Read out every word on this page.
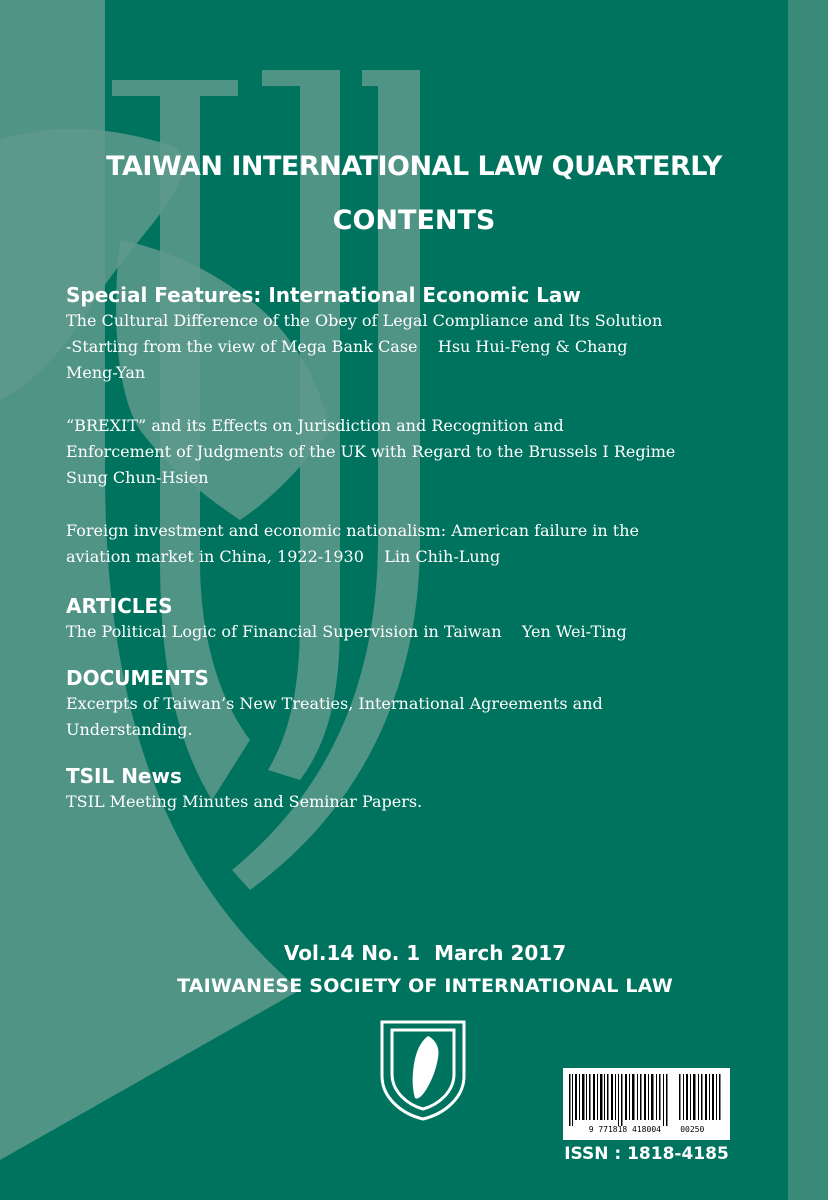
TAIWAN INTERNATIONAL LAW QUARTERLY
CONTENTS
Special Features: International Economic Law
The Cultural Difference of the Obey of Legal Compliance and Its Solution
-Starting from the view of Mega Bank Case    Hsu Hui-Feng & Chang
Meng-Yan
“BREXIT” and its Effects on Jurisdiction and Recognition and
Enforcement of Judgments of the UK with Regard to the Brussels I Regime
Sung Chun-Hsien
Foreign investment and economic nationalism: American failure in the
aviation market in China, 1922-1930    Lin Chih-Lung
ARTICLES
The Political Logic of Financial Supervision in Taiwan    Yen Wei-Ting
DOCUMENTS
Excerpts of Taiwan’s New Treaties, International Agreements and
Understanding.
TSIL News
TSIL Meeting Minutes and Seminar Papers.
Vol.14 No. 1  March 2017
TAIWANESE SOCIETY OF INTERNATIONAL LAW
9 771818 418004    00250
ISSN : 1818-4185
